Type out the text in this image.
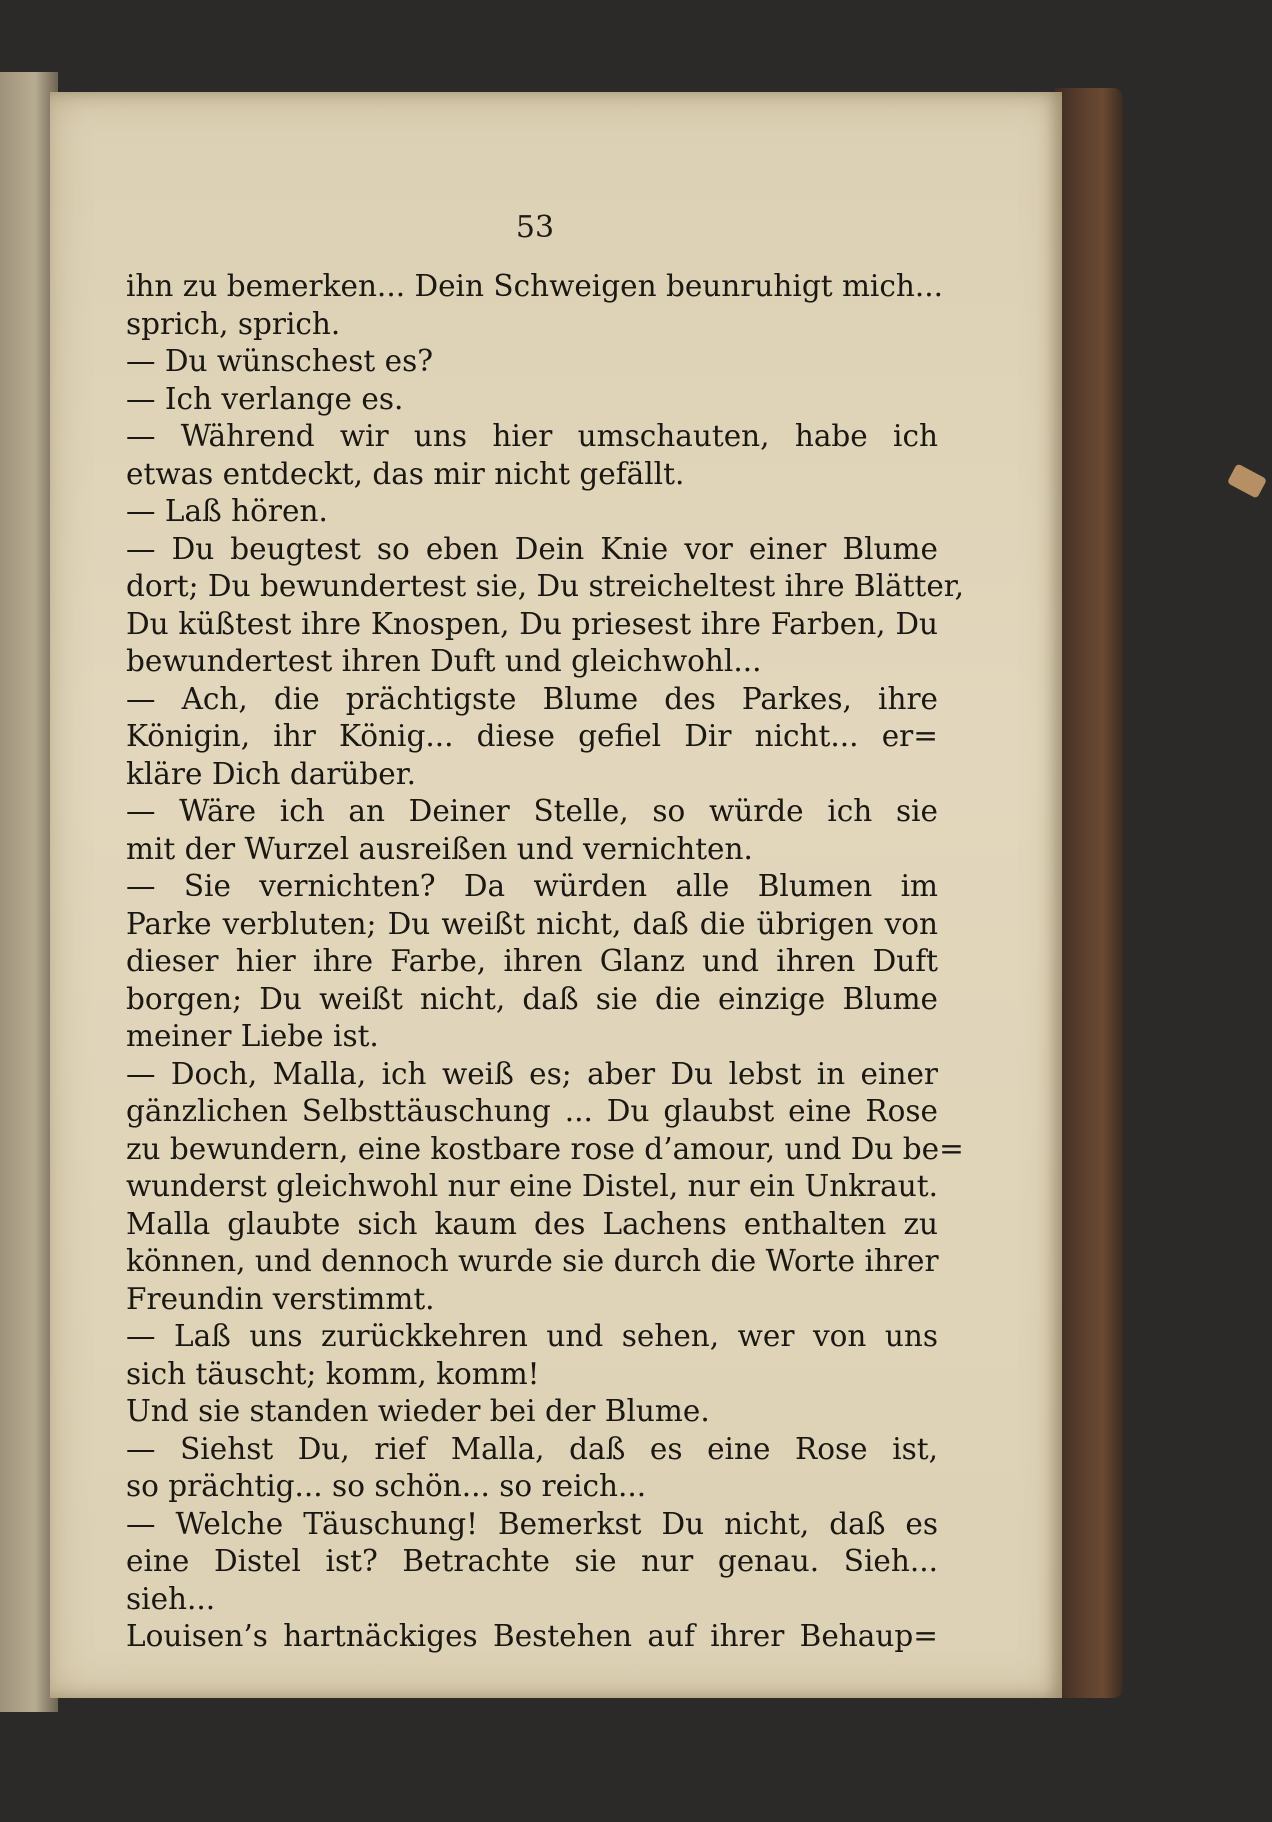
53
ihn zu bemerken... Dein Schweigen beunruhigt mich...
sprich, sprich.
— Du wünschest es?
— Ich verlange es.
— Während wir uns hier umschauten, habe ich
etwas entdeckt, das mir nicht gefällt.
— Laß hören.
— Du beugtest so eben Dein Knie vor einer Blume
dort; Du bewundertest sie, Du streicheltest ihre Blätter,
Du küßtest ihre Knospen, Du priesest ihre Farben, Du
bewundertest ihren Duft und gleichwohl...
— Ach, die prächtigste Blume des Parkes, ihre
Königin, ihr König... diese gefiel Dir nicht... er=
kläre Dich darüber.
— Wäre ich an Deiner Stelle, so würde ich sie
mit der Wurzel ausreißen und vernichten.
— Sie vernichten? Da würden alle Blumen im
Parke verbluten; Du weißt nicht, daß die übrigen von
dieser hier ihre Farbe, ihren Glanz und ihren Duft
borgen; Du weißt nicht, daß sie die einzige Blume
meiner Liebe ist.
— Doch, Malla, ich weiß es; aber Du lebst in einer
gänzlichen Selbsttäuschung ... Du glaubst eine Rose
zu bewundern, eine kostbare rose d’amour, und Du be=
wunderst gleichwohl nur eine Distel, nur ein Unkraut.
Malla glaubte sich kaum des Lachens enthalten zu
können, und dennoch wurde sie durch die Worte ihrer
Freundin verstimmt.
— Laß uns zurückkehren und sehen, wer von uns
sich täuscht; komm, komm!
Und sie standen wieder bei der Blume.
— Siehst Du, rief Malla, daß es eine Rose ist,
so prächtig... so schön... so reich...
— Welche Täuschung! Bemerkst Du nicht, daß es
eine Distel ist? Betrachte sie nur genau. Sieh...
sieh...
Louisen’s hartnäckiges Bestehen auf ihrer Behaup=
